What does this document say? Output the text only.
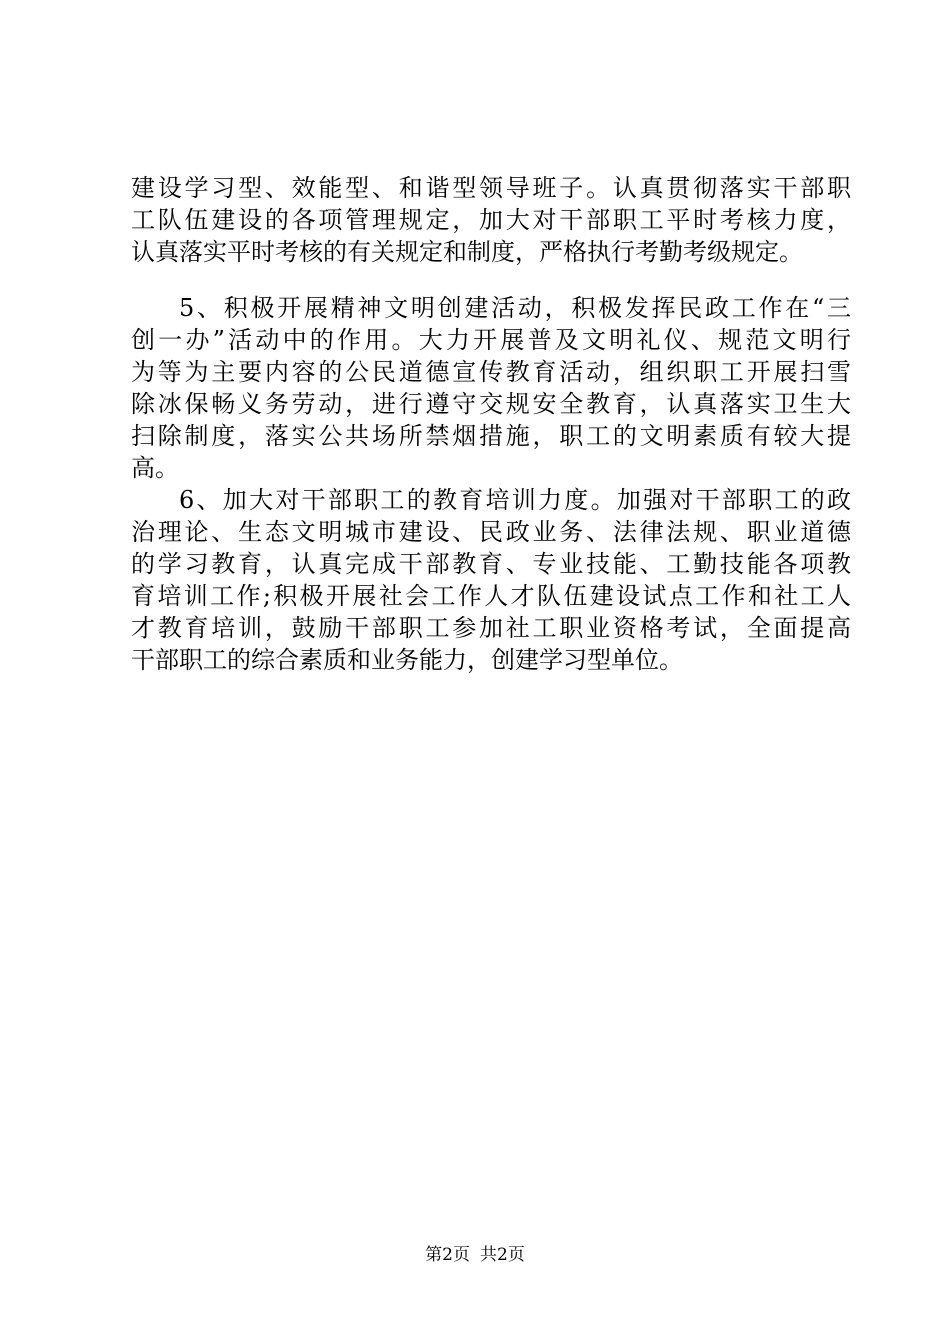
建设学习型、效能型、和谐型领导班子。认真贯彻落实干部职
工队伍建设的各项管理规定，加大对干部职工平时考核力度，
认真落实平时考核的有关规定和制度，严格执行考勤考级规定。
5、积极开展精神文明创建活动，积极发挥民政工作在“三
创一办”活动中的作用。大力开展普及文明礼仪、规范文明行
为等为主要内容的公民道德宣传教育活动，组织职工开展扫雪
除冰保畅义务劳动，进行遵守交规安全教育，认真落实卫生大
扫除制度，落实公共场所禁烟措施，职工的文明素质有较大提
高。
6、加大对干部职工的教育培训力度。加强对干部职工的政
治理论、生态文明城市建设、民政业务、法律法规、职业道德
的学习教育，认真完成干部教育、专业技能、工勤技能各项教
育培训工作;积极开展社会工作人才队伍建设试点工作和社工人
才教育培训，鼓励干部职工参加社工职业资格考试，全面提高
干部职工的综合素质和业务能力，创建学习型单位。
第2页 共2页
